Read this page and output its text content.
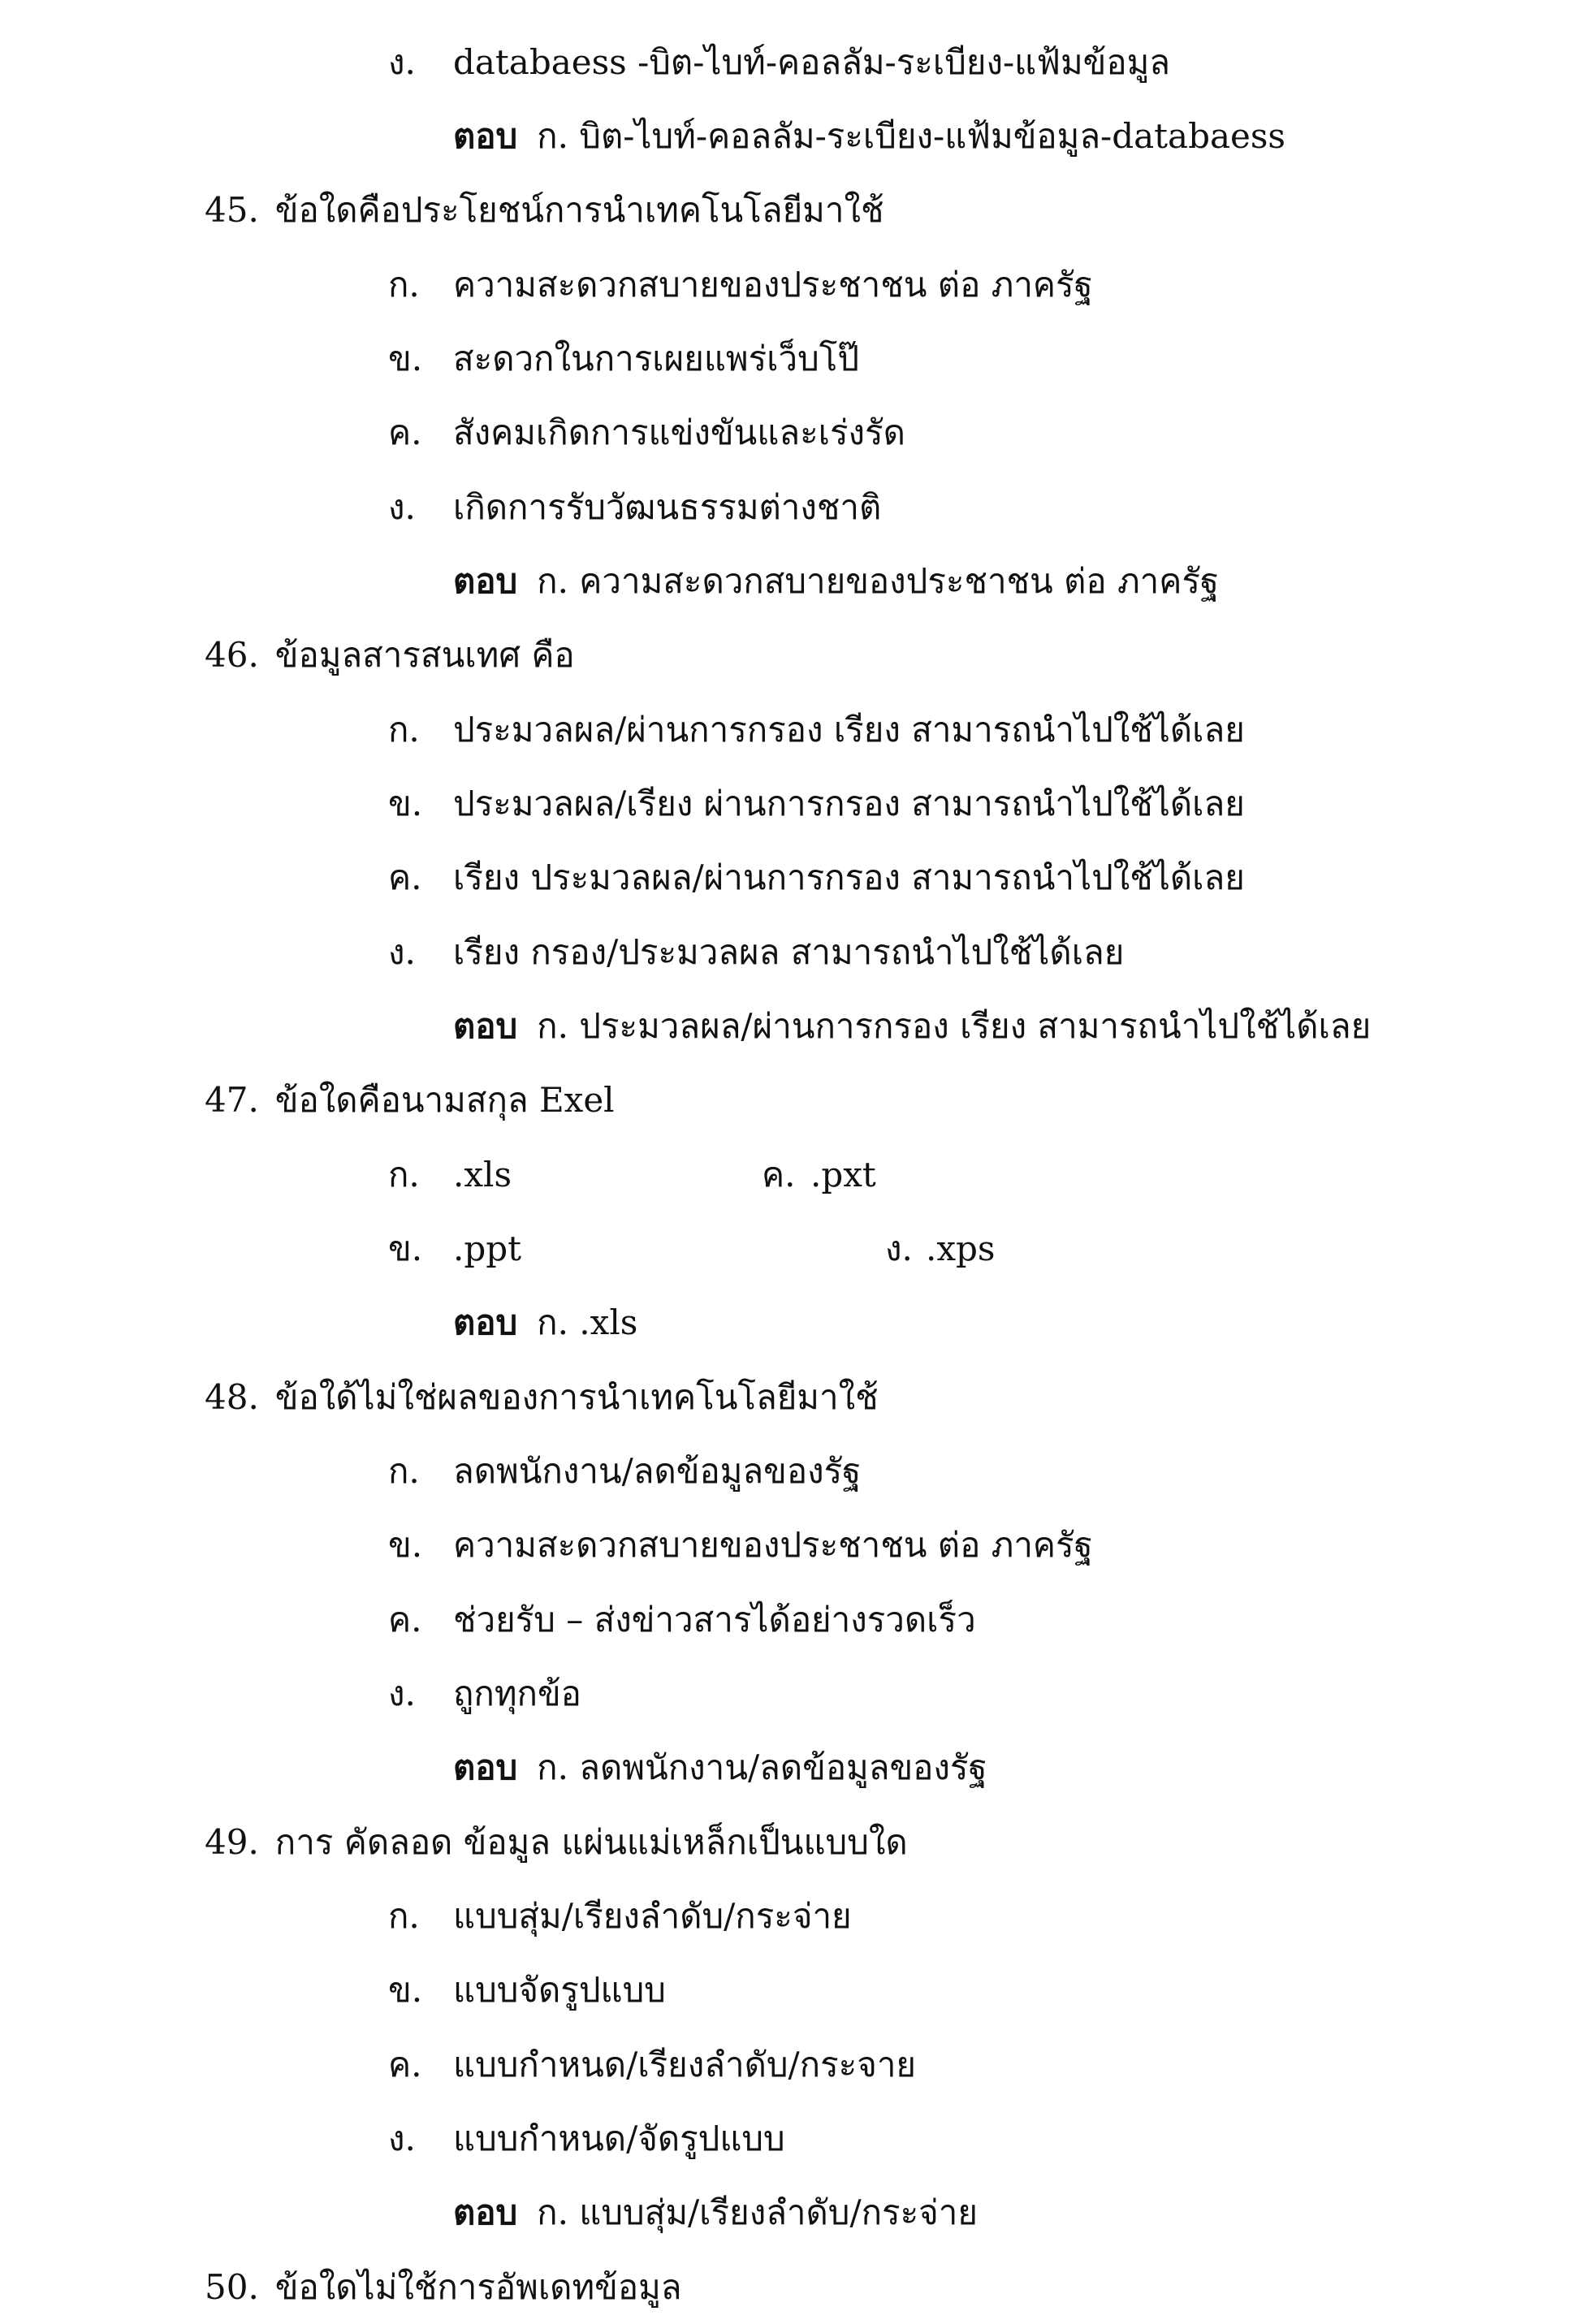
ง. databaess -บิต-ไบท์-คอลลัม-ระเบียง-แฟ้มข้อมูล
ตอบ ก. บิต-ไบท์-คอลลัม-ระเบียง-แฟ้มข้อมูล-databaess
45. ข้อใดคือประโยชน์การนำเทคโนโลยีมาใช้
ก. ความสะดวกสบายของประชาชน ต่อ ภาครัฐ
ข. สะดวกในการเผยแพร่เว็บโป๊
ค. สังคมเกิดการแข่งขันและเร่งรัด
ง. เกิดการรับวัฒนธรรมต่างชาติ
ตอบ ก. ความสะดวกสบายของประชาชน ต่อ ภาครัฐ
46. ข้อมูลสารสนเทศ คือ
ก. ประมวลผล/ผ่านการกรอง เรียง สามารถนำไปใช้ได้เลย
ข. ประมวลผล/เรียง ผ่านการกรอง สามารถนำไปใช้ได้เลย
ค. เรียง ประมวลผล/ผ่านการกรอง สามารถนำไปใช้ได้เลย
ง. เรียง กรอง/ประมวลผล สามารถนำไปใช้ได้เลย
ตอบ ก. ประมวลผล/ผ่านการกรอง เรียง สามารถนำไปใช้ได้เลย
47. ข้อใดคือนามสกุล Exel
ก. .xls	ค. .pxt
ข. .ppt	ง. .xps
ตอบ ก. .xls
48. ข้อใด้ไม่ใช่ผลของการนำเทคโนโลยีมาใช้
ก. ลดพนักงาน/ลดข้อมูลของรัฐ
ข. ความสะดวกสบายของประชาชน ต่อ ภาครัฐ
ค. ช่วยรับ – ส่งข่าวสารได้อย่างรวดเร็ว
ง. ถูกทุกข้อ
ตอบ ก. ลดพนักงาน/ลดข้อมูลของรัฐ
49. การ คัดลอด ข้อมูล แผ่นแม่เหล็กเป็นแบบใด
ก. แบบสุ่ม/เรียงลำดับ/กระจ่าย
ข. แบบจัดรูปแบบ
ค. แบบกำหนด/เรียงลำดับ/กระจาย
ง. แบบกำหนด/จัดรูปแบบ
ตอบ ก. แบบสุ่ม/เรียงลำดับ/กระจ่าย
50. ข้อใดไม่ใช้การอัพเดทข้อมูล
